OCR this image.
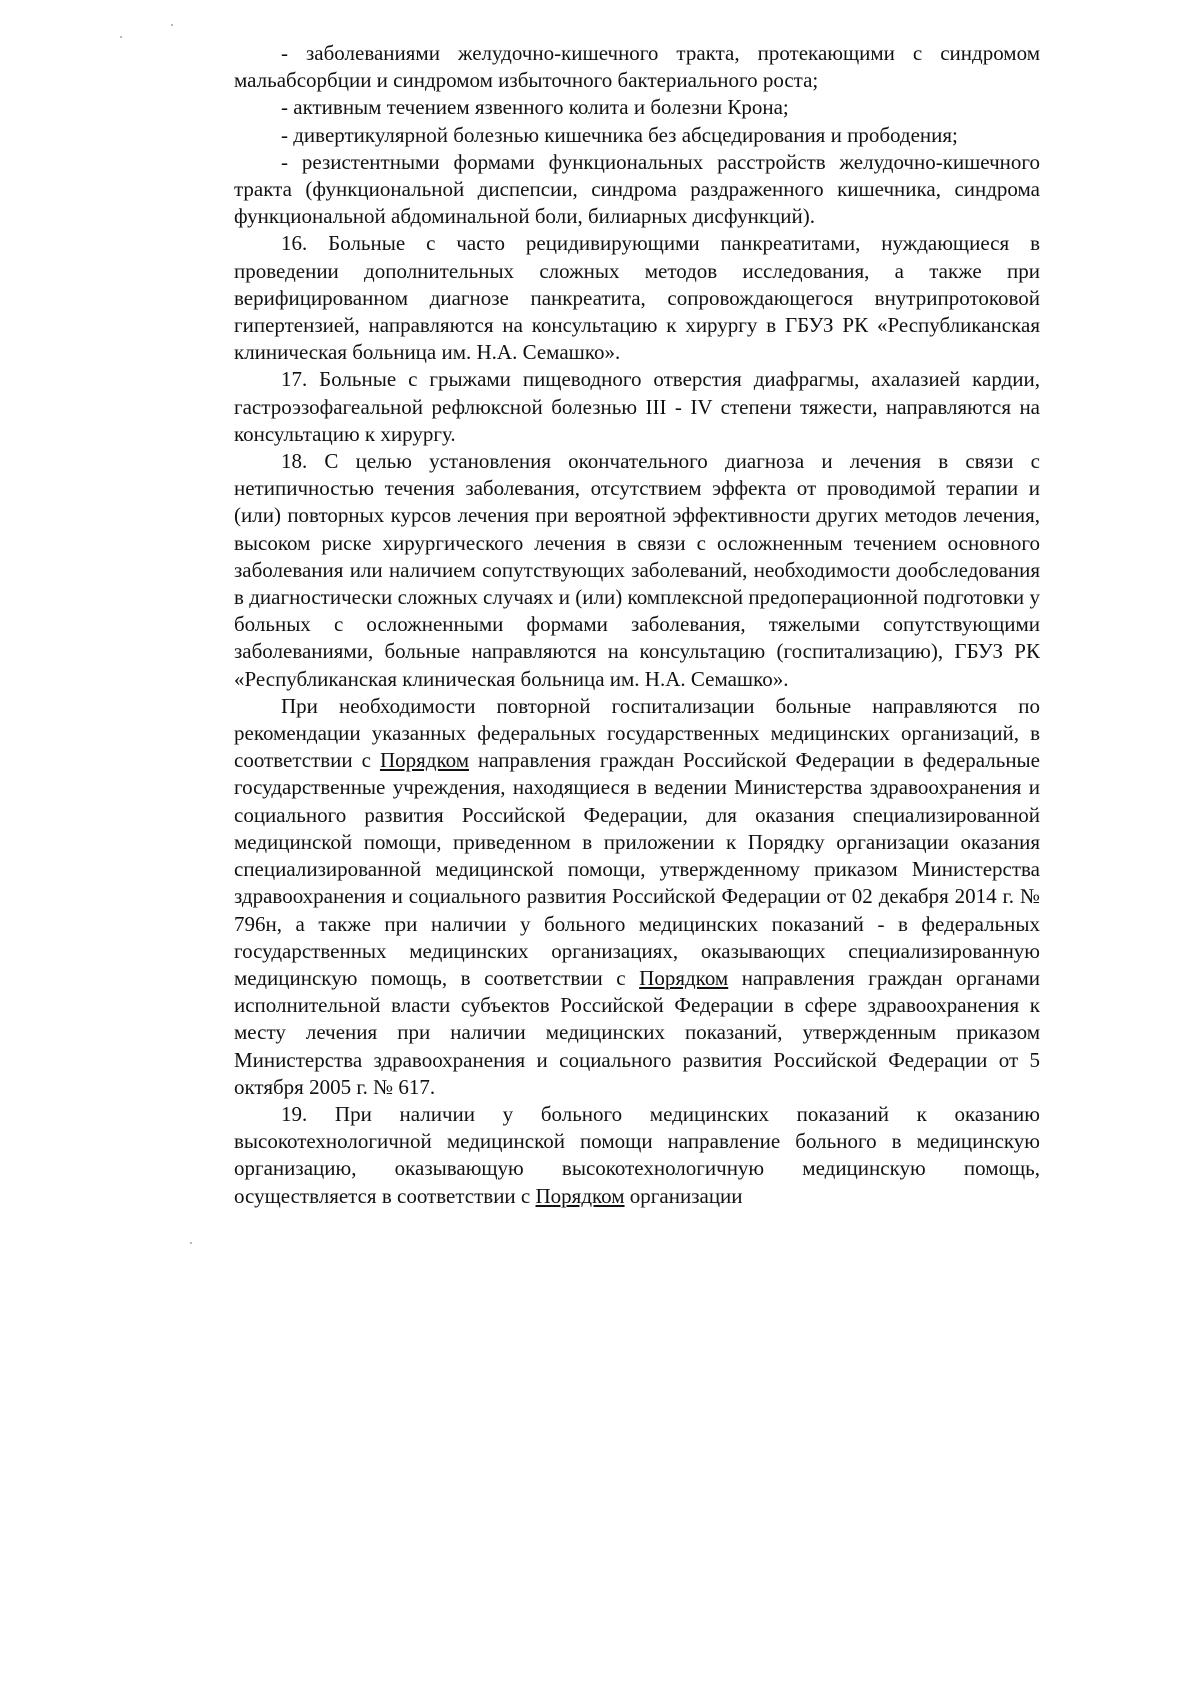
- заболеваниями желудочно-кишечного тракта, протекающими с синдромом мальабсорбции и синдромом избыточного бактериального роста;

- активным течением язвенного колита и болезни Крона;

- дивертикулярной болезнью кишечника без абсцедирования и прободения;

- резистентными формами функциональных расстройств желудочно-кишечного тракта (функциональной диспепсии, синдрома раздраженного кишечника, синдрома функциональной абдоминальной боли, билиарных дисфункций).

16. Больные с часто рецидивирующими панкреатитами, нуждающиеся в проведении дополнительных сложных методов исследования, а также при верифицированном диагнозе панкреатита, сопровождающегося внутрипротоковой гипертензией, направляются на консультацию к хирургу в ГБУЗ РК «Республиканская клиническая больница им. Н.А. Семашко».

17. Больные с грыжами пищеводного отверстия диафрагмы, ахалазией кардии, гастроэзофагеальной рефлюксной болезнью III - IV степени тяжести, направляются на консультацию к хирургу.

18. С целью установления окончательного диагноза и лечения в связи с нетипичностью течения заболевания, отсутствием эффекта от проводимой терапии и (или) повторных курсов лечения при вероятной эффективности других методов лечения, высоком риске хирургического лечения в связи с осложненным течением основного заболевания или наличием сопутствующих заболеваний, необходимости дообследования в диагностически сложных случаях и (или) комплексной предоперационной подготовки у больных с осложненными формами заболевания, тяжелыми сопутствующими заболеваниями, больные направляются на консультацию (госпитализацию), ГБУЗ РК «Республиканская клиническая больница им. Н.А. Семашко».

При необходимости повторной госпитализации больные направляются по рекомендации указанных федеральных государственных медицинских организаций, в соответствии с Порядком направления граждан Российской Федерации в федеральные государственные учреждения, находящиеся в ведении Министерства здравоохранения и социального развития Российской Федерации, для оказания специализированной медицинской помощи, приведенном в приложении к Порядку организации оказания специализированной медицинской помощи, утвержденному приказом Министерства здравоохранения и социального развития Российской Федерации от 02 декабря 2014 г. № 796н, а также при наличии у больного медицинских показаний - в федеральных государственных медицинских организациях, оказывающих специализированную медицинскую помощь, в соответствии с Порядком направления граждан органами исполнительной власти субъектов Российской Федерации в сфере здравоохранения к месту лечения при наличии медицинских показаний, утвержденным приказом Министерства здравоохранения и социального развития Российской Федерации от 5 октября 2005 г. № 617.

19. При наличии у больного медицинских показаний к оказанию высокотехнологичной медицинской помощи направление больного в медицинскую организацию, оказывающую высокотехнологичную медицинскую помощь, осуществляется в соответствии с Порядком организации
